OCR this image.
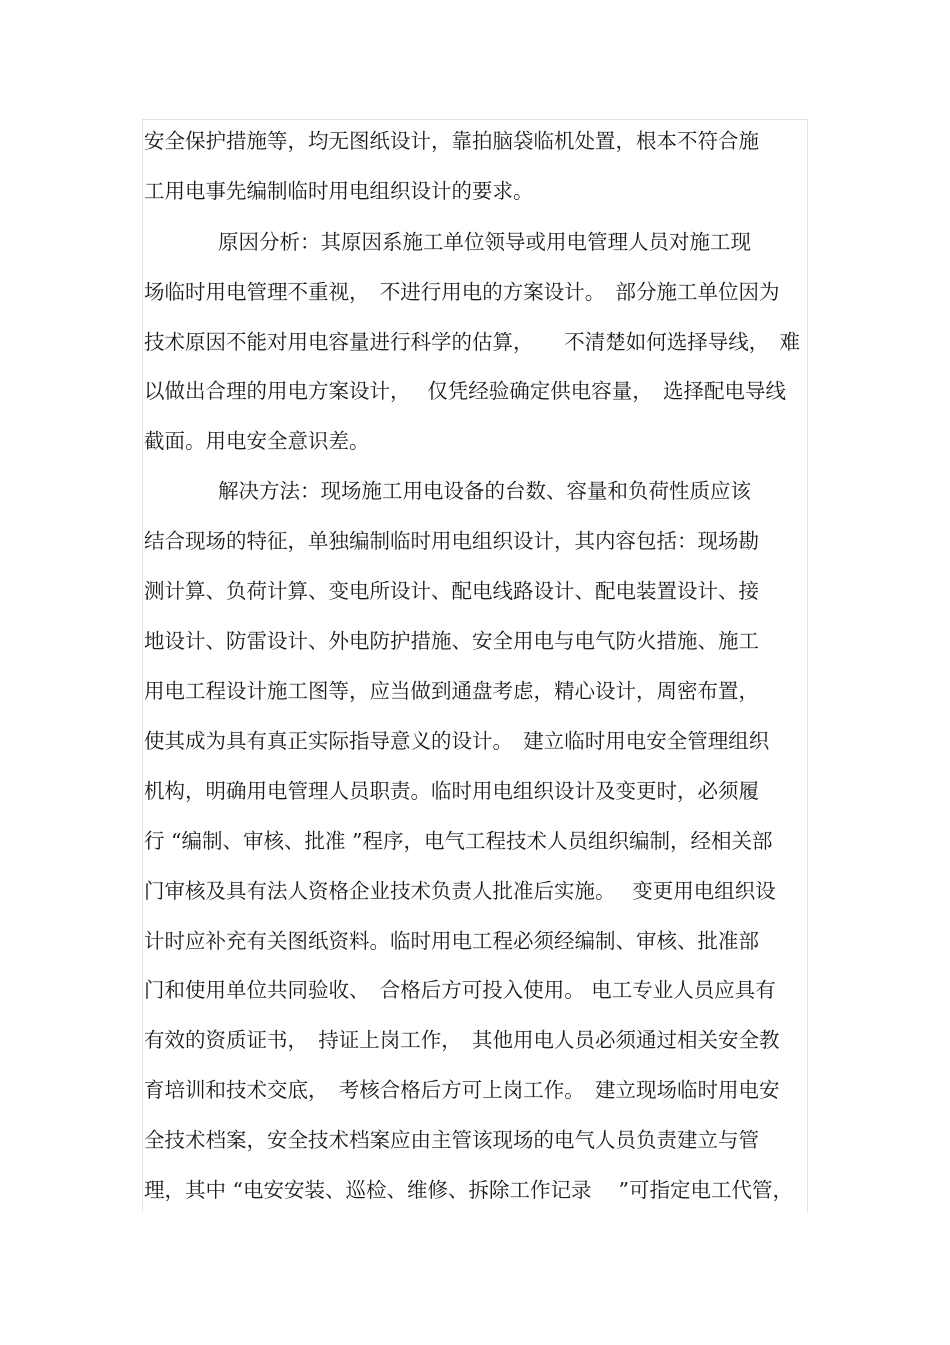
安全保护措施等，均无图纸设计，靠拍脑袋临机处置，根本不符合施

工用电事先编制临时用电组织设计的要求。

原因分析：其原因系施工单位领导或用电管理人员对施工现

场临时用电管理不重视，　不进行用电的方案设计。　部分施工单位因为

技术原因不能对用电容量进行科学的估算，　　不清楚如何选择导线，　难

以做出合理的用电方案设计，　 仅凭经验确定供电容量，　选择配电导线

截面。用电安全意识差。

解决方法：现场施工用电设备的台数、容量和负荷性质应该

结合现场的特征，单独编制临时用电组织设计，其内容包括：现场勘

测计算、负荷计算、变电所设计、配电线路设计、配电装置设计、接

地设计、防雷设计、外电防护措施、安全用电与电气防火措施、施工

用电工程设计施工图等，应当做到通盘考虑，精心设计，周密布置，

使其成为具有真正实际指导意义的设计。　建立临时用电安全管理组织

机构，明确用电管理人员职责。临时用电组织设计及变更时，必须履

行 “编制、审核、批准 ”程序，电气工程技术人员组织编制，经相关部

门审核及具有法人资格企业技术负责人批准后实施。　 变更用电组织设

计时应补充有关图纸资料。临时用电工程必须经编制、审核、批准部

门和使用单位共同验收、　合格后方可投入使用。 电工专业人员应具有

有效的资质证书，　持证上岗工作，　其他用电人员必须通过相关安全教

育培训和技术交底，　考核合格后方可上岗工作。　建立现场临时用电安

全技术档案，安全技术档案应由主管该现场的电气人员负责建立与管

理，其中 “电安安装、巡检、维修、拆除工作记录 　”可指定电工代管，
